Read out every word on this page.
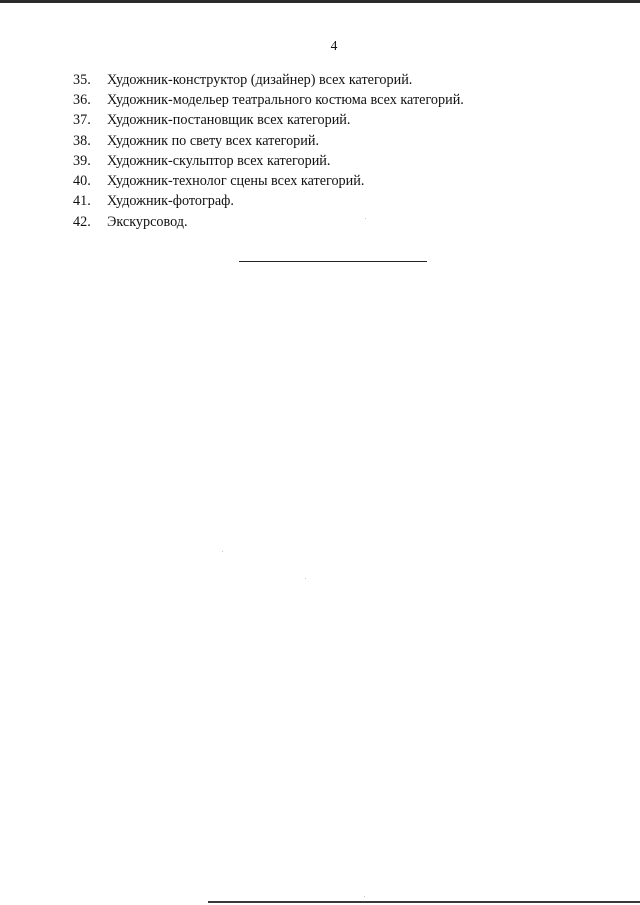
4
35.	Художник-конструктор (дизайнер) всех категорий.
36.	Художник-модельер театрального костюма всех категорий.
37.	Художник-постановщик всех категорий.
38.	Художник по свету всех категорий.
39.	Художник-скульптор всех категорий.
40.	Художник-технолог сцены всех категорий.
41.	Художник-фотограф.
42.	Экскурсовод.
